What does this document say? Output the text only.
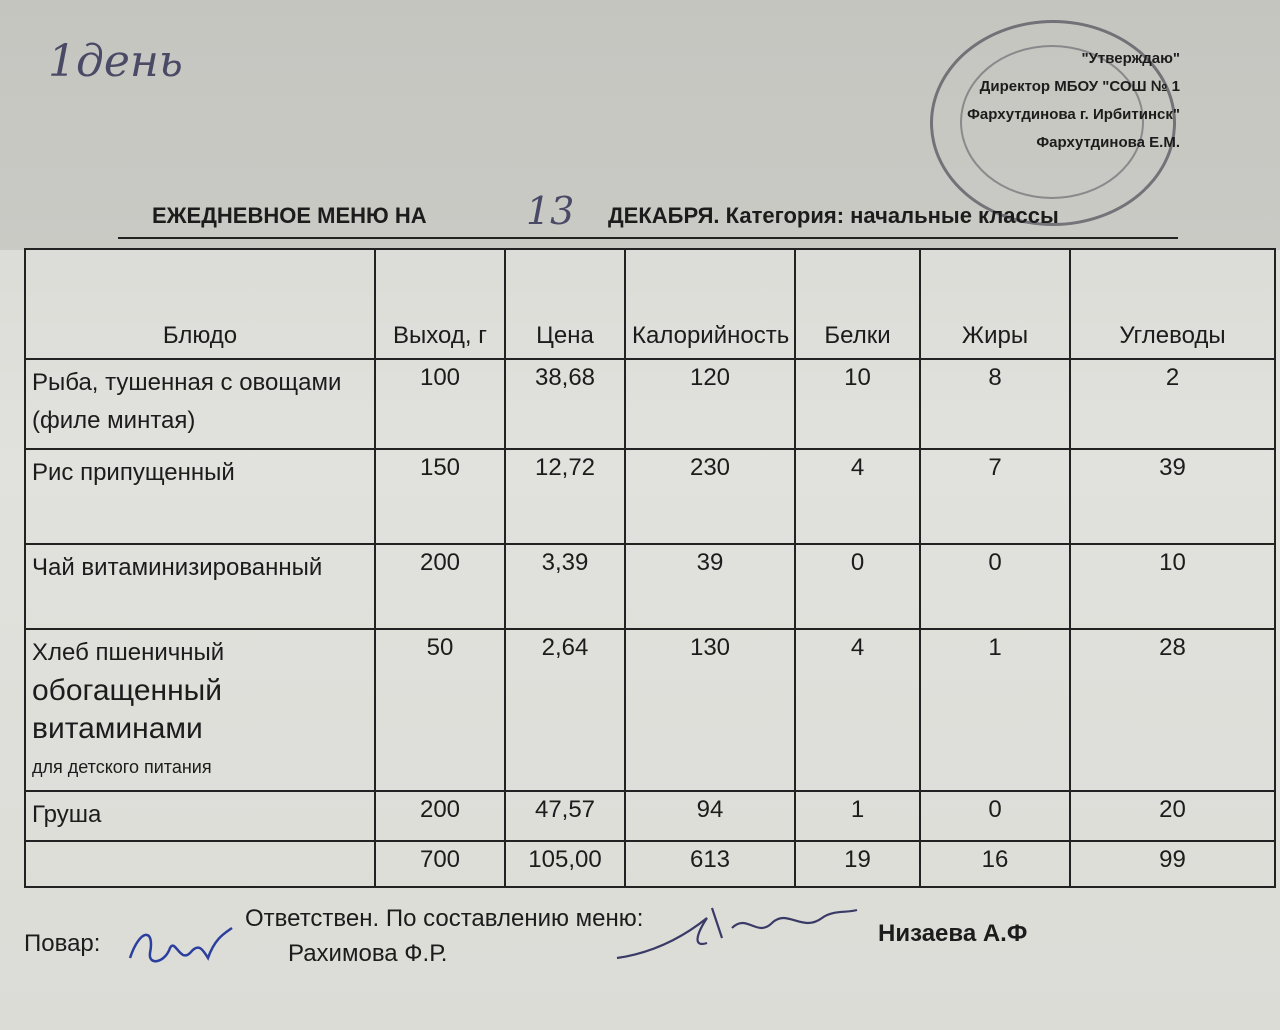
1день	"Утверждаю"
Директор МБОУ "СОШ № 1
Фархутдинова г. Ирбитинск"
Фархутдинова Е.М.
ЕЖЕДНЕВНОЕ МЕНЮ НА	13 ДЕКАБРЯ. Категория: начальные классы
Блюдо	Выход, г	Цена	Калорийность	Белки	Жиры	Углеводы

Рыба, тушенная с овощами
(филе минтая)	100	38,68	120	10	8	2

Рис припущенный	150	12,72	230	4	7	39

Чай витаминизированный	200	3,39	39	0	0	10

Хлеб пшеничный
обогащенный витаминами
для детского питания	50	2,64	130	4	1	28

Груша	200	47,57	94	1	0	20
	700	105,00	613	19	16	99
Ответствен. По составлению меню:
Повар:	Рахимова Ф.Р.
Низаева А.Ф
